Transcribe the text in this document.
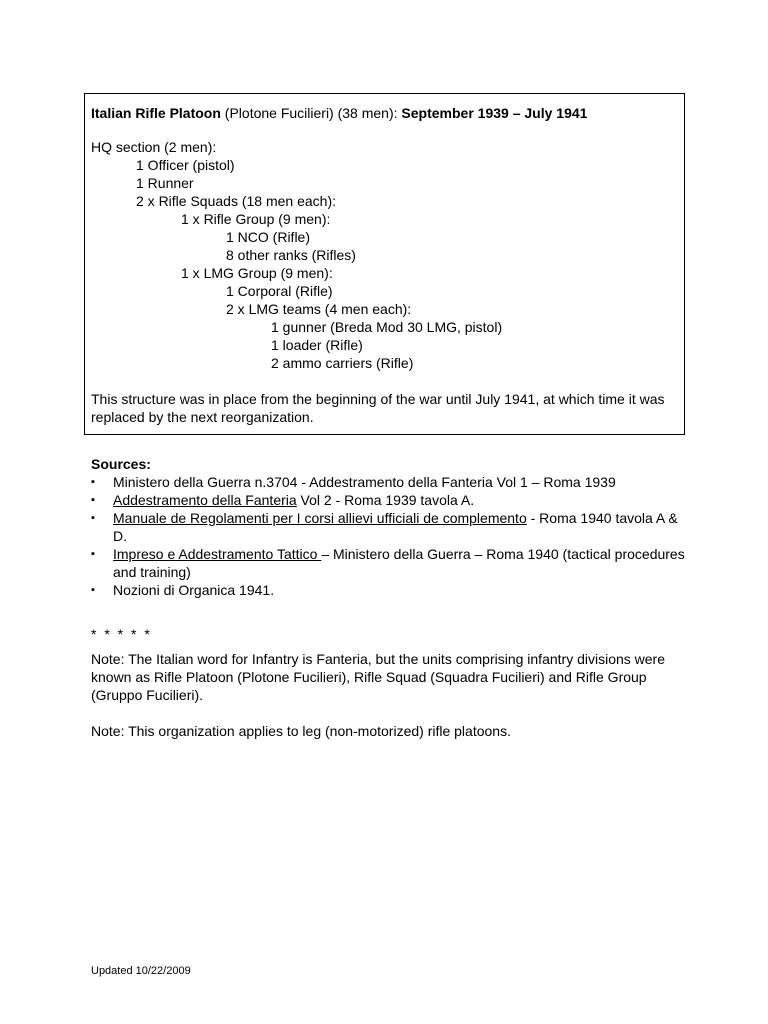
Italian Rifle Platoon (Plotone Fucilieri) (38 men): September 1939 – July 1941
HQ section (2 men):
1 Officer (pistol)
1 Runner
2 x Rifle Squads (18 men each):
1 x Rifle Group (9 men):
1 NCO (Rifle)
8 other ranks (Rifles)
1 x LMG Group (9 men):
1 Corporal (Rifle)
2 x LMG teams (4 men each):
1 gunner (Breda Mod 30 LMG, pistol)
1 loader (Rifle)
2 ammo carriers (Rifle)
This structure was in place from the beginning of the war until July 1941, at which time it was replaced by the next reorganization.
Sources:
▪ Ministero della Guerra n.3704 - Addestramento della Fanteria Vol 1 – Roma 1939
▪ Addestramento della Fanteria Vol 2 - Roma 1939 tavola A.
▪ Manuale de Regolamenti per I corsi allievi ufficiali de complemento - Roma 1940 tavola A & D.
▪ Impreso e Addestramento Tattico – Ministero della Guerra – Roma 1940 (tactical procedures and training)
▪ Nozioni di Organica 1941.
* * * * *

Note: The Italian word for Infantry is Fanteria, but the units comprising infantry divisions were known as Rifle Platoon (Plotone Fucilieri), Rifle Squad (Squadra Fucilieri) and Rifle Group (Gruppo Fucilieri).

Note: This organization applies to leg (non-motorized) rifle platoons.

Updated 10/22/2009
